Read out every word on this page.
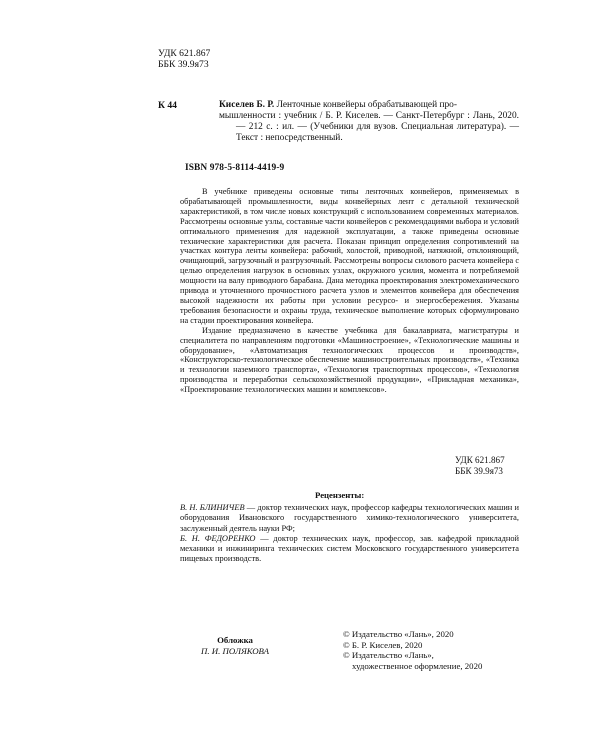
УДК 621.867
ББК 39.9я73
К 44	Киселев Б. Р. Ленточные конвейеры обрабатывающей про-
мышленности : учебник / Б. Р. Киселев. — Санкт-Петербург : Лань, 2020. — 212 с. : ил. — (Учебники для вузов. Специальная литература). — Текст : непосредственный.
ISBN 978-5-8114-4419-9

В учебнике приведены основные типы ленточных конвейеров, применяемых в обрабатывающей промышленности, виды конвейерных лент с детальной технической характеристикой, в том числе новых конструкций с использованием современных материалов. Рассмотрены основные узлы, составные части конвейеров с рекомендациями выбора и условий оптимального применения для надежной эксплуатации, а также приведены основные технические характеристики для расчета. Показан принцип определения сопротивлений на участках контура ленты конвейера: рабочий, холостой, приводной, натяжной, отклоняющий, очищающий, загрузочный и разгрузочный. Рассмотрены вопросы силового расчета конвейера с целью определения нагрузок в основных узлах, окружного усилия, момента и потребляемой мощности на валу приводного барабана. Дана методика проектирования электромеханического привода и уточненного прочностного расчета узлов и элементов конвейера для обеспечения высокой надежности их работы при условии ресурсо- и энергосбережения. Указаны требования безопасности и охраны труда, техническое выполнение которых сформулировано на стадии проектирования конвейера.

Издание предназначено в качестве учебника для бакалавриата, магистратуры и специалитета по направлениям подготовки «Машиностроение», «Технологические машины и оборудование», «Автоматизация технологических процессов и производств», «Конструкторско-технологическое обеспечение машиностроительных производств», «Техника и технологии наземного транспорта», «Технология транспортных процессов», «Технология производства и переработки сельскохозяйственной продукции», «Прикладная механика», «Проектирование технологических машин и комплексов».

УДК 621.867
ББК 39.9я73
Рецензенты:

В. Н. БЛИНИЧЕВ — доктор технических наук, профессор кафедры технологических машин и оборудования Ивановского государственного химико-технологического университета, заслуженный деятель науки РФ;

Б. Н. ФЕДОРЕНКО — доктор технических наук, профессор, зав. кафедрой прикладной механики и инжиниринга технических систем Московского государственного университета пищевых производств.

Обложка
П. И. ПОЛЯКОВА
© Издательство «Лань», 2020
© Б. Р. Киселев, 2020
© Издательство «Лань»,
художественное оформление, 2020
